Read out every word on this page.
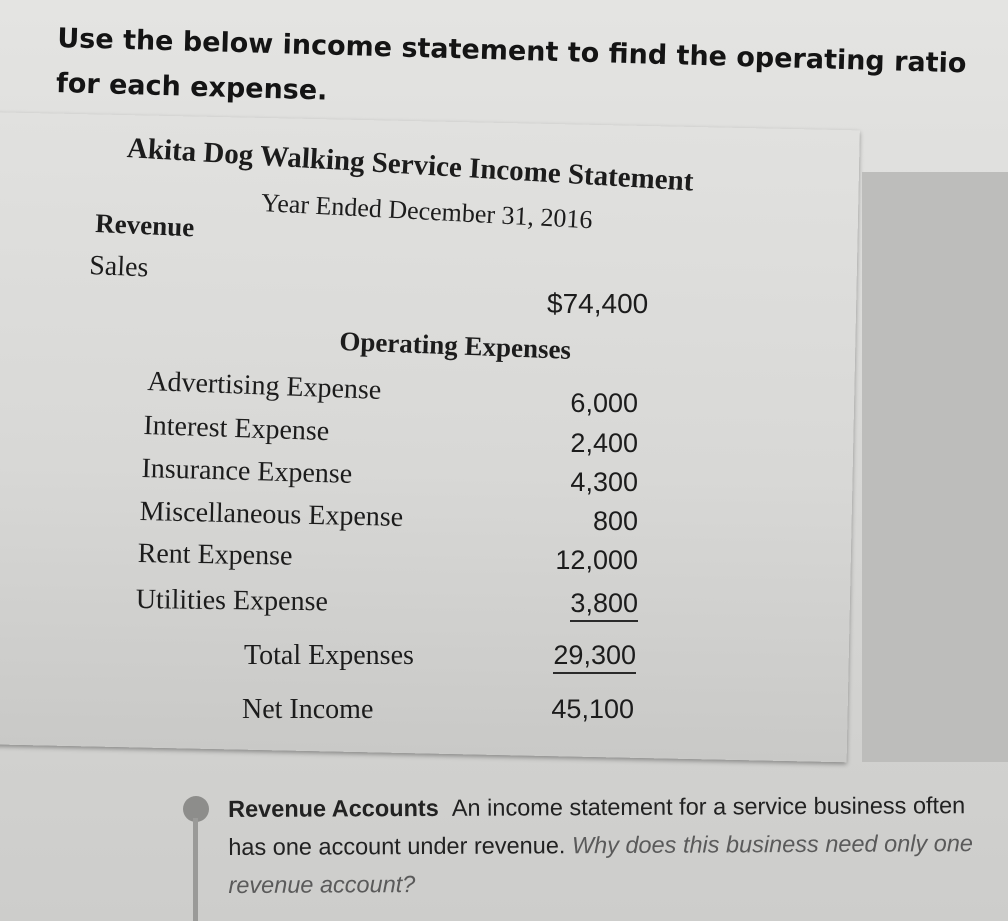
Use the below income statement to find the operating ratio for each expense.

Akita Dog Walking Service Income Statement

Year Ended December 31, 2016

Revenue

Sales

$74,400

Operating Expenses

Advertising Expense	6,000

Interest Expense	2,400

Insurance Expense	4,300

Miscellaneous Expense	800

Rent Expense	12,000

Utilities Expense	3,800

Total Expenses	29,300

Net Income	45,100

Revenue Accounts An income statement for a service business often has one account under revenue. Why does this business need only one revenue account?
